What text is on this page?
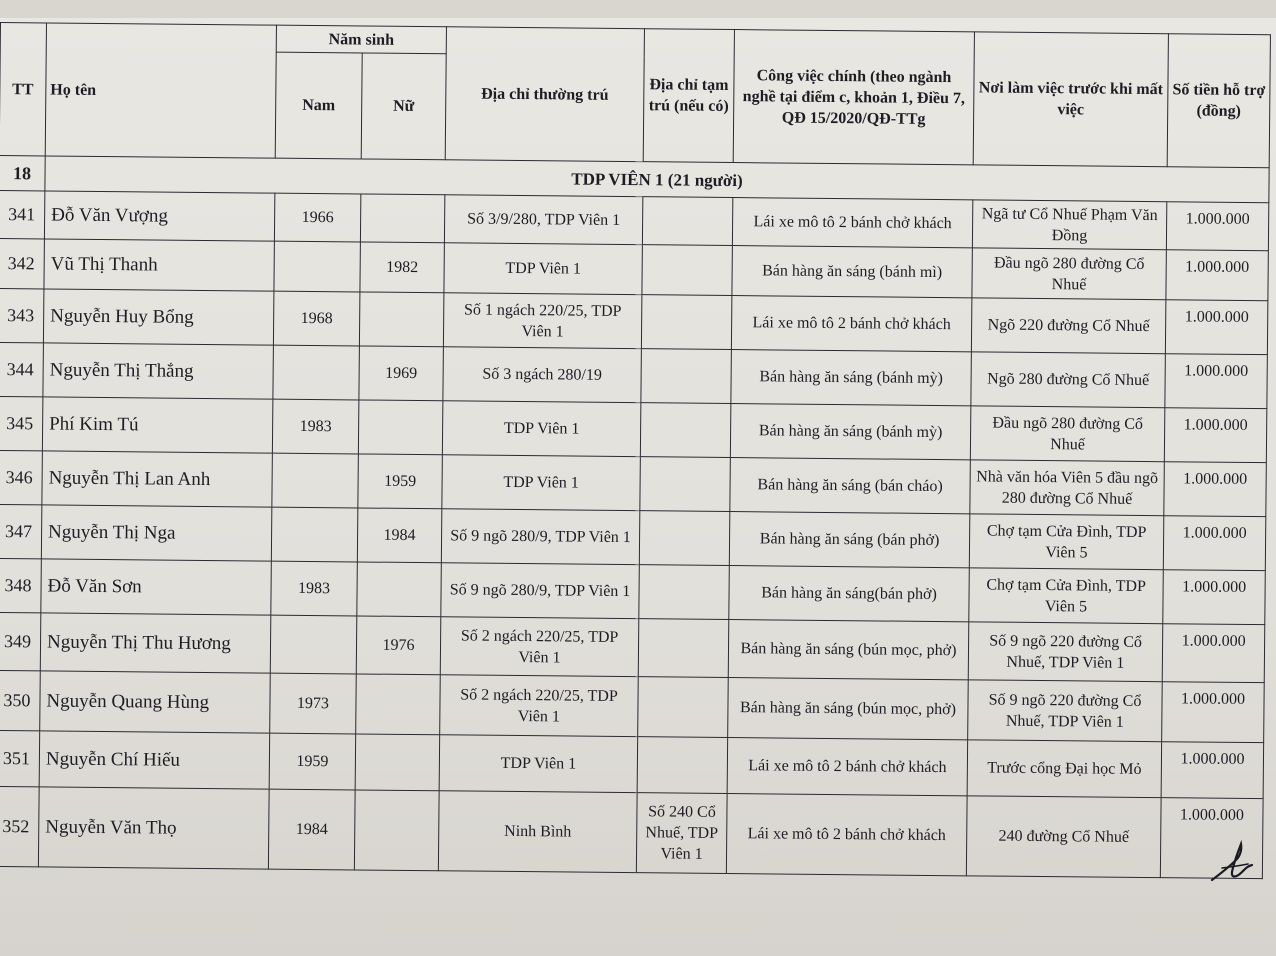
TT	Họ tên	Năm sinh		Địa chỉ thường trú	Địa chỉ tạm trú (nếu có)	Công việc chính (theo ngành nghề tại điểm c, khoản 1, Điều 7, QĐ 15/2020/QĐ-TTg	Nơi làm việc trước khi mất việc	Số tiền hỗ trợ (đồng)
		Nam	Nữ					
18	TDP VIÊN 1 (21 người)							
341	Đỗ Văn Vượng	1966		Số 3/9/280, TDP Viên 1		Lái xe mô tô 2 bánh chở khách	Ngã tư Cổ Nhuế Phạm Văn Đồng	1.000.000
342	Vũ Thị Thanh		1982	TDP Viên 1		Bán hàng ăn sáng (bánh mì)	Đầu ngõ 280 đường Cổ Nhuế	1.000.000
343	Nguyễn Huy Bổng	1968		Số 1 ngách 220/25, TDP Viên 1		Lái xe mô tô 2 bánh chở khách	Ngõ 220 đường Cổ Nhuế	1.000.000
344	Nguyễn Thị Thắng		1969	Số 3 ngách 280/19		Bán hàng ăn sáng (bánh mỳ)	Ngõ 280 đường Cổ Nhuế	1.000.000
345	Phí Kim Tú	1983		TDP Viên 1		Bán hàng ăn sáng (bánh mỳ)	Đầu ngõ 280 đường Cổ Nhuế	1.000.000
346	Nguyễn Thị Lan Anh		1959	TDP Viên 1		Bán hàng ăn sáng (bán cháo)	Nhà văn hóa Viên 5 đầu ngõ 280 đường Cổ Nhuế	1.000.000
347	Nguyễn Thị Nga		1984	Số 9 ngõ 280/9, TDP Viên 1		Bán hàng ăn sáng (bán phở)	Chợ tạm Cửa Đình, TDP Viên 5	1.000.000
348	Đỗ Văn Sơn	1983		Số 9 ngõ 280/9, TDP Viên 1		Bán hàng ăn sáng(bán phở)	Chợ tạm Cửa Đình, TDP Viên 5	1.000.000
349	Nguyễn Thị Thu Hương		1976	Số 2 ngách 220/25, TDP Viên 1		Bán hàng ăn sáng (bún mọc, phở)	Số 9 ngõ 220 đường Cổ Nhuế, TDP Viên 1	1.000.000
350	Nguyễn Quang Hùng	1973		Số 2 ngách 220/25, TDP Viên 1		Bán hàng ăn sáng (bún mọc, phở)	Số 9 ngõ 220 đường Cổ Nhuế, TDP Viên 1	1.000.000
351	Nguyễn Chí Hiếu	1959		TDP Viên 1		Lái xe mô tô 2 bánh chở khách	Trước cổng Đại học Mỏ	1.000.000
352	Nguyễn Văn Thọ	1984		Ninh Bình	Số 240 Cổ Nhuế, TDP Viên 1	Lái xe mô tô 2 bánh chở khách	240 đường Cổ Nhuế	1.000.000
